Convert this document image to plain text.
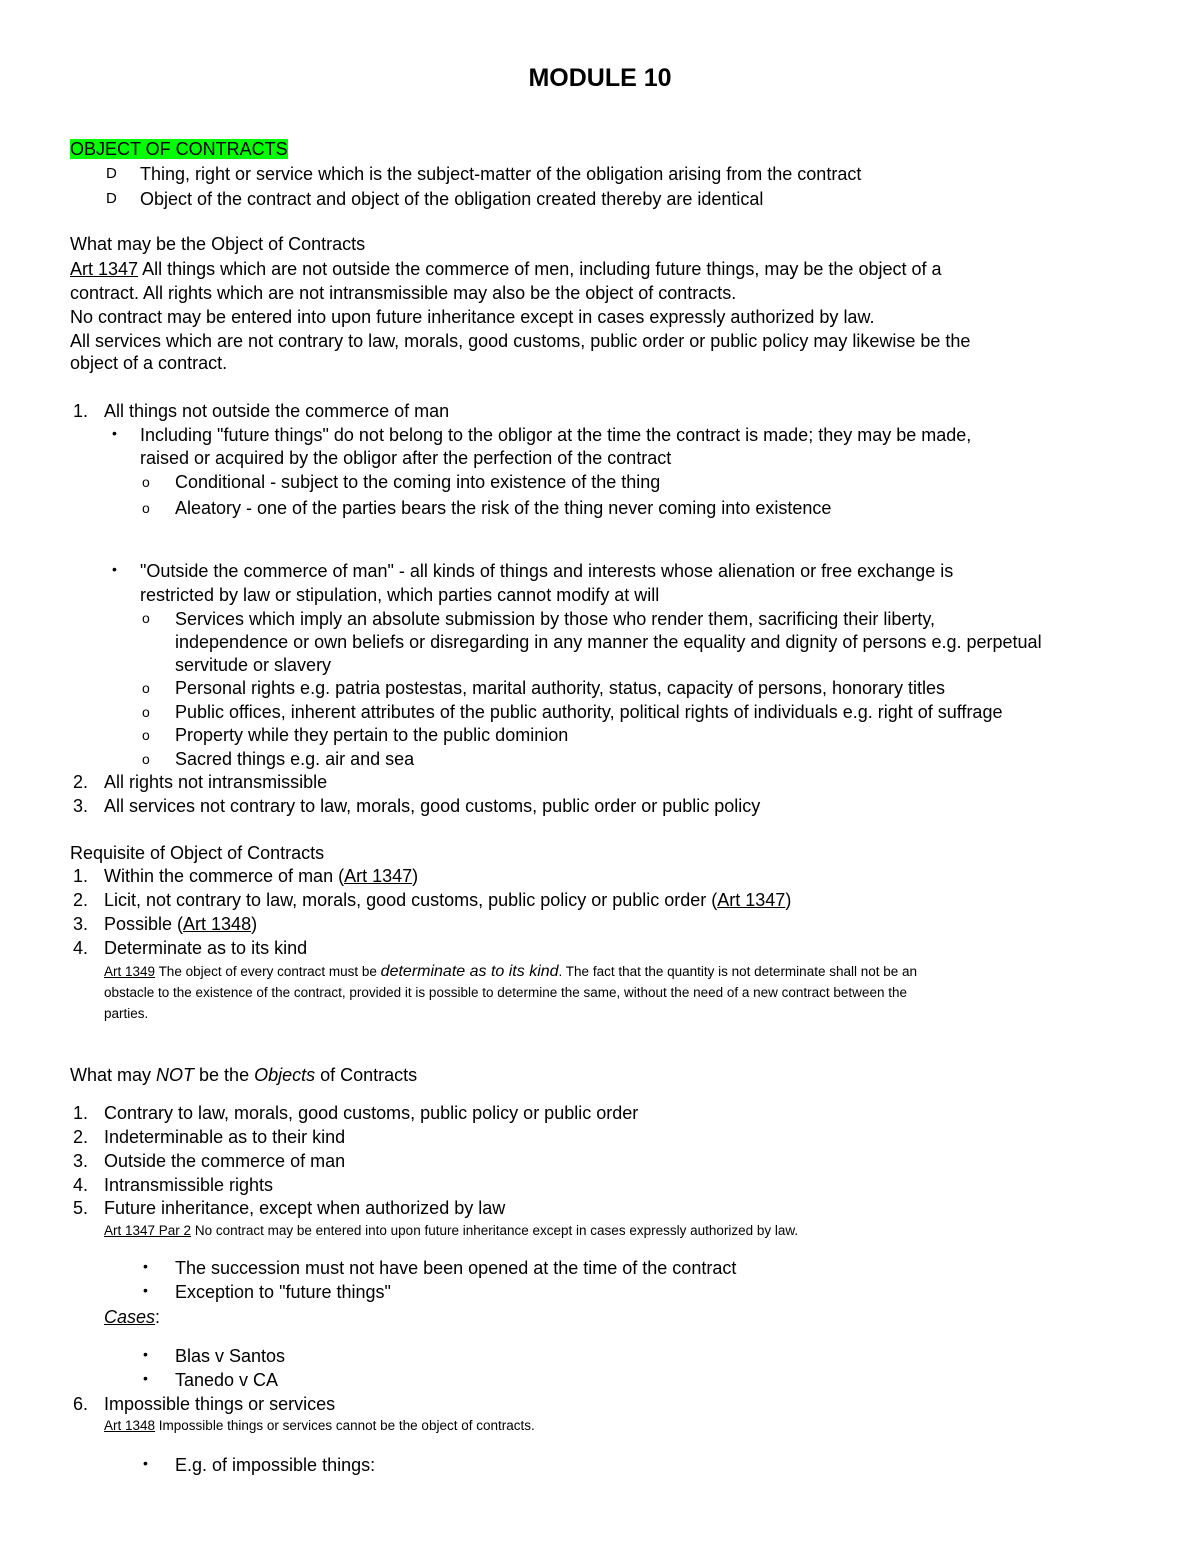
MODULE 10
OBJECT OF CONTRACTS
D Thing, right or service which is the subject-matter of the obligation arising from the contract
D Object of the contract and object of the obligation created thereby are identical
What may be the Object of Contracts
Art 1347 All things which are not outside the commerce of men, including future things, may be the object of a
contract. All rights which are not intransmissible may also be the object of contracts.
No contract may be entered into upon future inheritance except in cases expressly authorized by law.
All services which are not contrary to law, morals, good customs, public order or public policy may likewise be the
object of a contract.
1. All things not outside the commerce of man
• Including "future things" do not belong to the obligor at the time the contract is made; they may be made,
raised or acquired by the obligor after the perfection of the contract
o Conditional - subject to the coming into existence of the thing
o Aleatory - one of the parties bears the risk of the thing never coming into existence
• "Outside the commerce of man" - all kinds of things and interests whose alienation or free exchange is
restricted by law or stipulation, which parties cannot modify at will
o Services which imply an absolute submission by those who render them, sacrificing their liberty,
independence or own beliefs or disregarding in any manner the equality and dignity of persons e.g. perpetual
servitude or slavery
o Personal rights e.g. patria postestas, marital authority, status, capacity of persons, honorary titles
o Public offices, inherent attributes of the public authority, political rights of individuals e.g. right of suffrage
o Property while they pertain to the public dominion
o Sacred things e.g. air and sea
2. All rights not intransmissible
3. All services not contrary to law, morals, good customs, public order or public policy
Requisite of Object of Contracts
1. Within the commerce of man (Art 1347)
2. Licit, not contrary to law, morals, good customs, public policy or public order (Art 1347)
3. Possible (Art 1348)
4. Determinate as to its kind
Art 1349 The object of every contract must be determinate as to its kind. The fact that the quantity is not determinate shall not be an
obstacle to the existence of the contract, provided it is possible to determine the same, without the need of a new contract between the
parties.
What may NOT be the Objects of Contracts
1. Contrary to law, morals, good customs, public policy or public order
2. Indeterminable as to their kind
3. Outside the commerce of man
4. Intransmissible rights
5. Future inheritance, except when authorized by law
Art 1347 Par 2 No contract may be entered into upon future inheritance except in cases expressly authorized by law.
• The succession must not have been opened at the time of the contract
• Exception to "future things"
Cases:
• Blas v Santos
• Tanedo v CA
6. Impossible things or services
Art 1348 Impossible things or services cannot be the object of contracts.
• E.g. of impossible things:
